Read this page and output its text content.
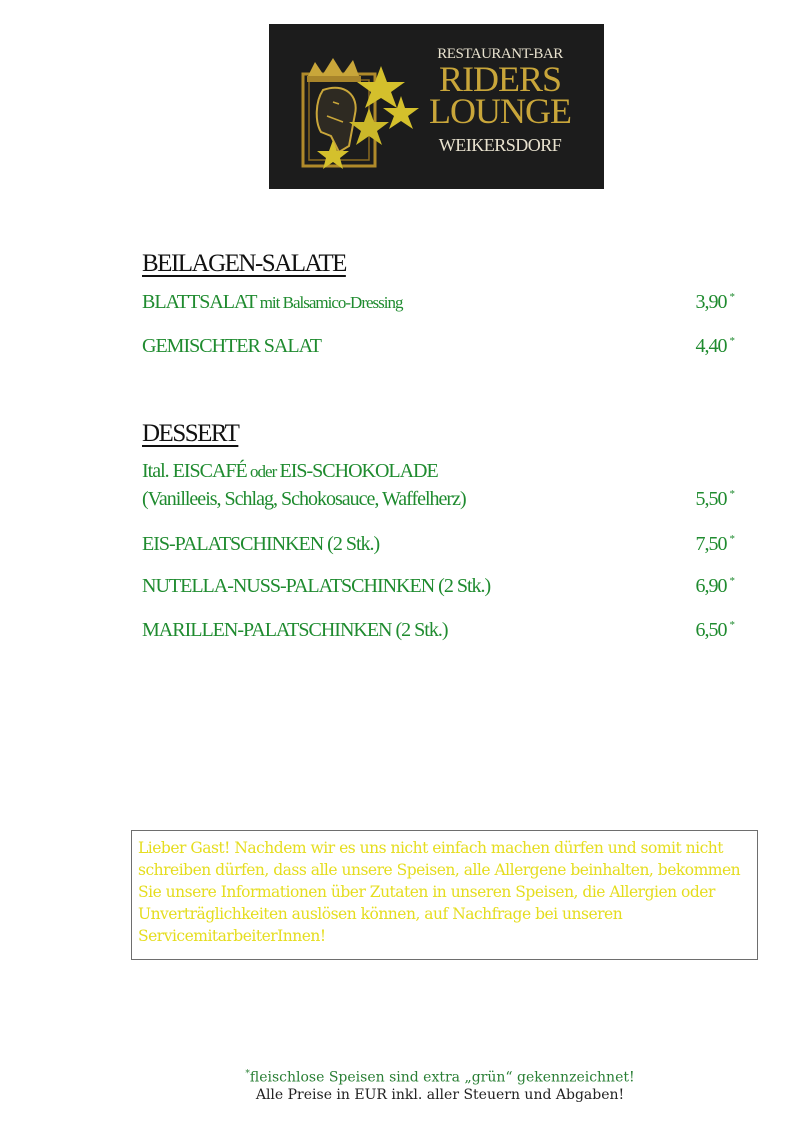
RESTAURANT-BAR
RIDERS
LOUNGE
WEIKERSDORF
BEILAGEN-SALATE
BLATTSALAT mit Balsamico-Dressing	3,90 *
GEMISCHTER SALAT	4,40 *
DESSERT
Ital. EISCAFÉ oder EIS-SCHOKOLADE
(Vanilleeis, Schlag, Schokosauce, Waffelherz)	5,50 *
EIS-PALATSCHINKEN (2 Stk.)	7,50 *
NUTELLA-NUSS-PALATSCHINKEN (2 Stk.)	6,90 *
MARILLEN-PALATSCHINKEN (2 Stk.)	6,50 *
Lieber Gast! Nachdem wir es uns nicht einfach machen dürfen und somit nicht schreiben dürfen, dass alle unsere Speisen, alle Allergene beinhalten, bekommen Sie unsere Informationen über Zutaten in unseren Speisen, die Allergien oder Unverträglichkeiten auslösen können, auf Nachfrage bei unseren ServicemitarbeiterInnen!
*fleischlose Speisen sind extra „grün“ gekennzeichnet!
Alle Preise in EUR inkl. aller Steuern und Abgaben!
